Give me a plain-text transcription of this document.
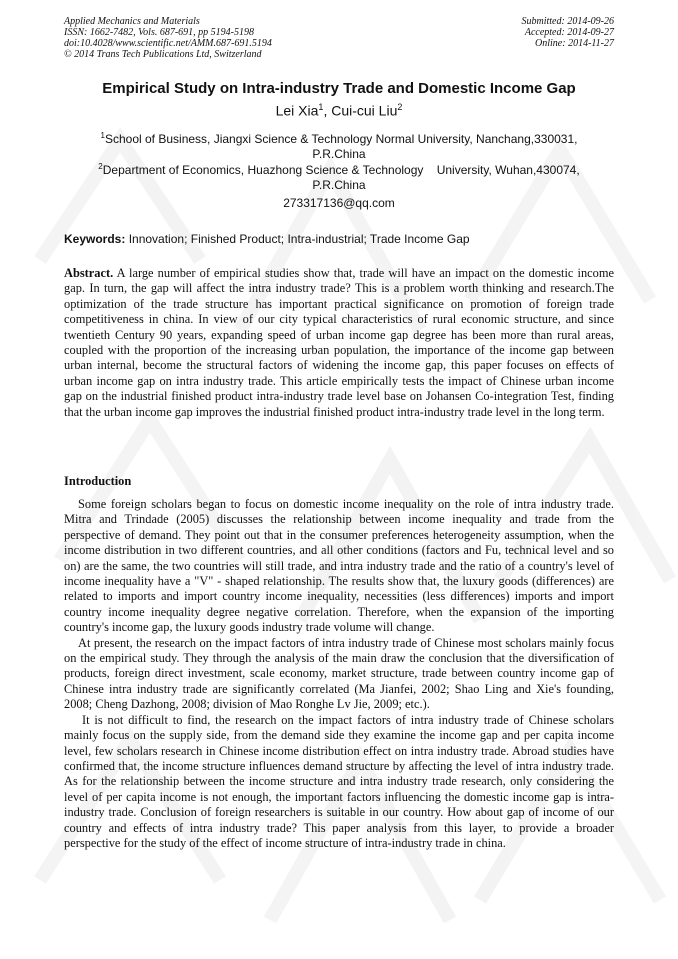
Applied Mechanics and Materials
ISSN: 1662-7482, Vols. 687-691, pp 5194-5198
doi:10.4028/www.scientific.net/AMM.687-691.5194
© 2014 Trans Tech Publications Ltd, Switzerland
Submitted: 2014-09-26
Accepted: 2014-09-27
Online: 2014-11-27
Empirical Study on Intra-industry Trade and Domestic Income Gap
Lei Xia$^1$, Cui-cui Liu$^2$
$^1$School of Business, Jiangxi Science & Technology Normal University, Nanchang,330031,
P.R.China
$^2$Department of Economics, Huazhong Science & Technology    University, Wuhan,430074,
P.R.China
273317136@qq.com
Keywords: Innovation; Finished Product; Intra-industrial; Trade Income Gap

Abstract. A large number of empirical studies show that, trade will have an impact on the domestic income gap. In turn, the gap will affect the intra industry trade? This is a problem worth thinking and research.The optimization of the trade structure has important practical significance on promotion of foreign trade competitiveness in china. In view of our city typical characteristics of rural economic structure, and since twentieth Century 90 years, expanding speed of urban income gap degree has been more than rural areas, coupled with the proportion of the increasing urban population, the importance of the income gap between urban internal, become the structural factors of widening the income gap, this paper focuses on effects of urban income gap on intra industry trade. This article empirically tests the impact of Chinese urban income gap on the industrial finished product intra-industry trade level base on Johansen Co-integration Test, finding that the urban income gap improves the industrial finished product intra-industry trade level in the long term.

Introduction

Some foreign scholars began to focus on domestic income inequality on the role of intra industry trade. Mitra and Trindade (2005) discusses the relationship between income inequality and trade from the perspective of demand. They point out that in the consumer preferences heterogeneity assumption, when the income distribution in two different countries, and all other conditions (factors and Fu, technical level and so on) are the same, the two countries will still trade, and intra industry trade and the ratio of a country's level of income inequality have a "V" - shaped relationship. The results show that, the luxury goods (differences) are related to imports and import country income inequality, necessities (less differences) imports and import country income inequality degree negative correlation. Therefore, when the expansion of the importing country's income gap, the luxury goods industry trade volume will change.

At present, the research on the impact factors of intra industry trade of Chinese most scholars mainly focus on the empirical study. They through the analysis of the main draw the conclusion that the diversification of products, foreign direct investment, scale economy, market structure, trade between country income gap of Chinese intra industry trade are significantly correlated (Ma Jianfei, 2002; Shao Ling and Xie's founding, 2008; Cheng Dazhong, 2008; division of Mao Ronghe Lv Jie, 2009; etc.).

It is not difficult to find, the research on the impact factors of intra industry trade of Chinese scholars mainly focus on the supply side, from the demand side they examine the income gap and per capita income level, few scholars research in Chinese income distribution effect on intra industry trade. Abroad studies have confirmed that, the income structure influences demand structure by affecting the level of intra industry trade. As for the relationship between the income structure and intra industry trade research, only considering the level of per capita income is not enough, the important factors influencing the domestic income gap is intra-industry trade. Conclusion of foreign researchers is suitable in our country. How about gap of income of our country and effects of intra industry trade? This paper analysis from this layer, to provide a broader perspective for the study of the effect of income structure of intra-industry trade in china.
